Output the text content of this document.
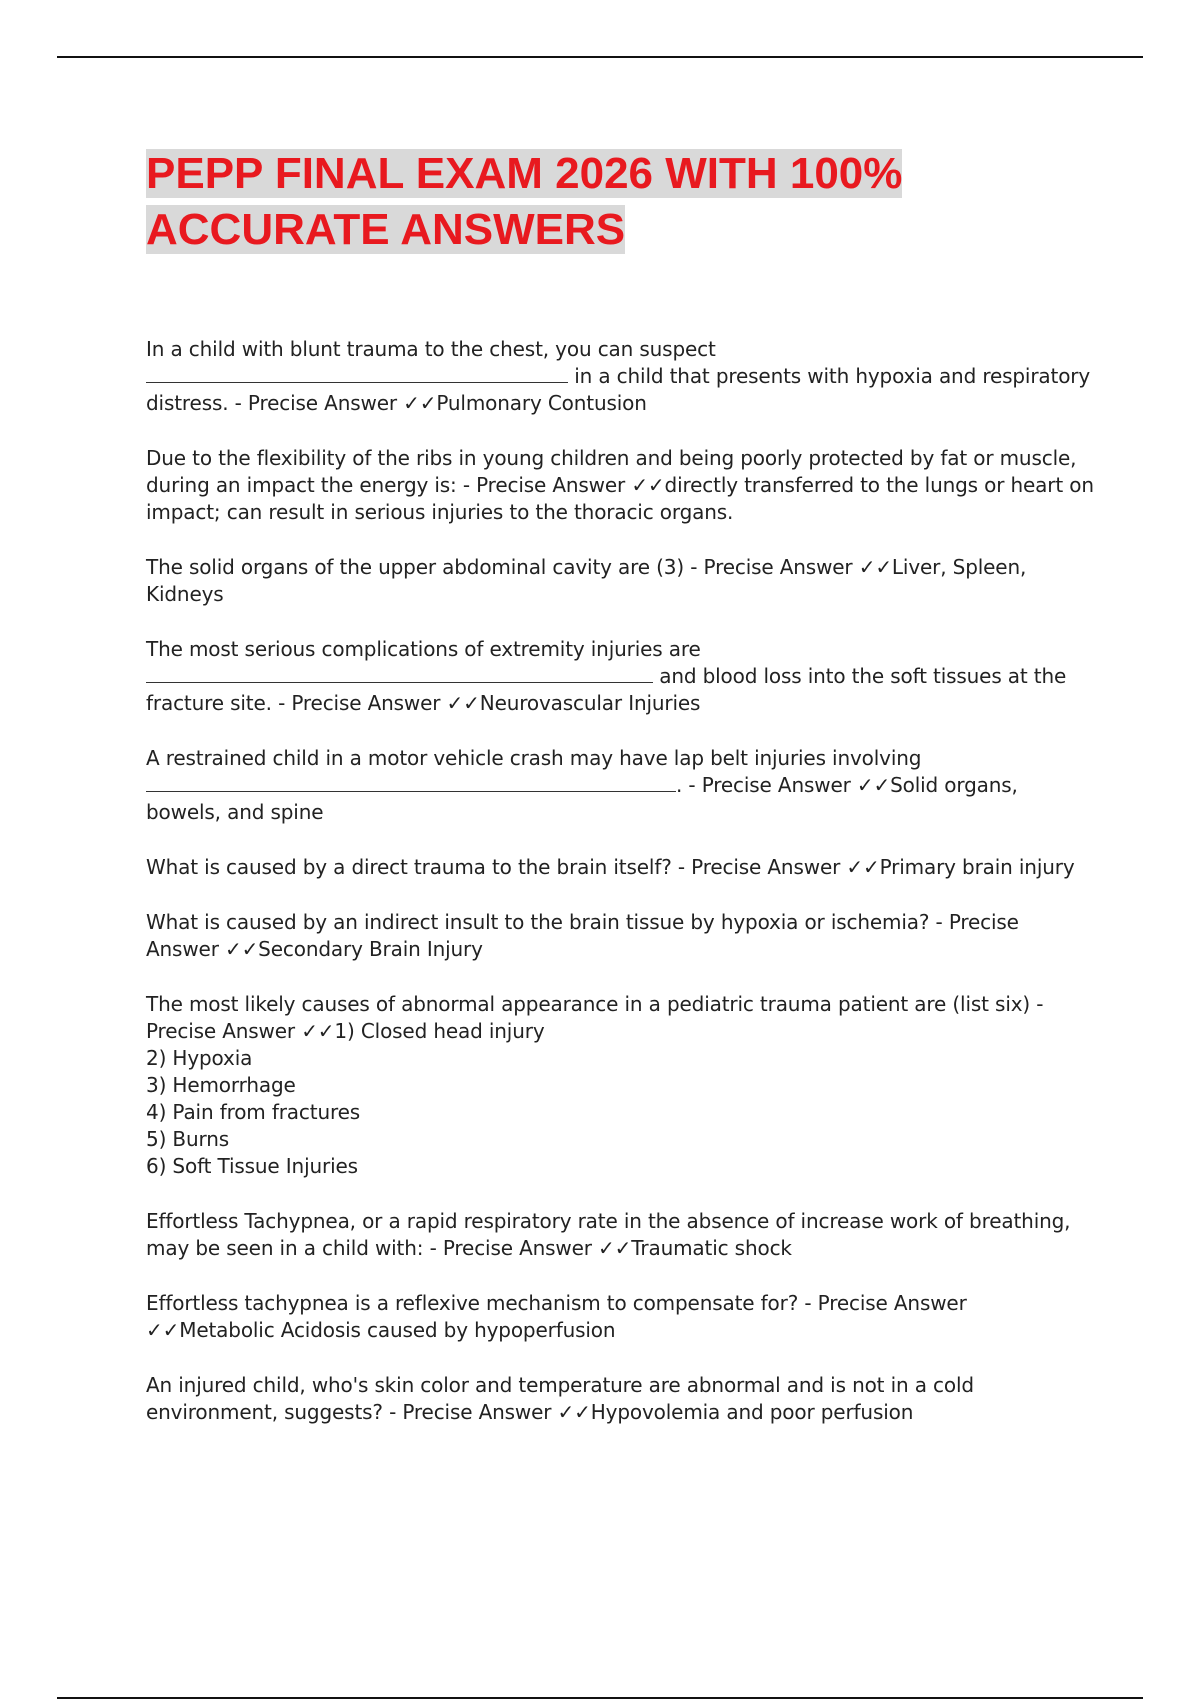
PEPP FINAL EXAM 2026 WITH 100%
ACCURATE ANSWERS

In a child with blunt trauma to the chest, you can suspect
in a child that presents with hypoxia and respiratory distress. - Precise Answer ✓✓Pulmonary Contusion

Due to the flexibility of the ribs in young children and being poorly protected by fat or muscle, during an impact the energy is: - Precise Answer ✓✓directly transferred to the lungs or heart on impact; can result in serious injuries to the thoracic organs.

The solid organs of the upper abdominal cavity are (3) - Precise Answer ✓✓Liver, Spleen, Kidneys

The most serious complications of extremity injuries are
and blood loss into the soft tissues at the fracture site. - Precise Answer ✓✓Neurovascular Injuries

A restrained child in a motor vehicle crash may have lap belt injuries involving
. - Precise Answer ✓✓Solid organs, bowels, and spine

What is caused by a direct trauma to the brain itself? - Precise Answer ✓✓Primary brain injury

What is caused by an indirect insult to the brain tissue by hypoxia or ischemia? - Precise Answer ✓✓Secondary Brain Injury

The most likely causes of abnormal appearance in a pediatric trauma patient are (list six) -
Precise Answer ✓✓1) Closed head injury
2) Hypoxia
3) Hemorrhage
4) Pain from fractures
5) Burns
6) Soft Tissue Injuries

Effortless Tachypnea, or a rapid respiratory rate in the absence of increase work of breathing, may be seen in a child with: - Precise Answer ✓✓Traumatic shock

Effortless tachypnea is a reflexive mechanism to compensate for? - Precise Answer ✓✓Metabolic Acidosis caused by hypoperfusion

An injured child, who's skin color and temperature are abnormal and is not in a cold environment, suggests? - Precise Answer ✓✓Hypovolemia and poor perfusion
